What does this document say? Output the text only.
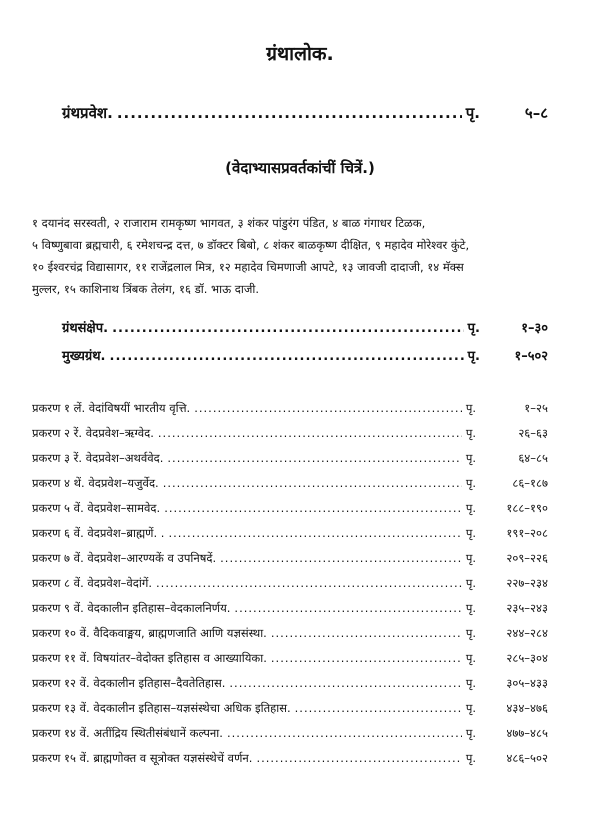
ग्रंथालोक.
ग्रंथप्रवेश. .....	पृ.	५–८
(वेदाभ्यासप्रवर्तकांचीं चित्रें.)

१ दयानंद सरस्वती, २ राजाराम रामकृष्ण भागवत, ३ शंकर पांडुरंग पंडित, ४ बाळ गंगाधर टिळक,

५ विष्णुबावा ब्रह्मचारी, ६ रमेशचन्द्र दत्त, ७ डॉक्टर बिबो, ८ शंकर बाळकृष्ण दीक्षित, ९ महादेव मोरेश्वर कुंटे,

१० ईश्वरचंद्र विद्यासागर, ११ राजेंद्रलाल मित्र, १२ महादेव चिमणाजी आपटे, १३ जावजी दादाजी, १४ मॅक्स

मुल्लर, १५ काशिनाथ त्रिंबक तेलंग, १६ डॉ. भाऊ दाजी.

ग्रंथसंक्षेप. .....	पृ.	१–३०
मुख्यग्रंथ. .....	पृ.	१–५०२
प्रकरण १ लें. वेदांविषयीं भारतीय वृत्ति. .....	पृ.	१–२५
प्रकरण २ रें. वेदप्रवेश–ऋग्वेद. .....	पृ.	२६–६३
प्रकरण ३ रें. वेदप्रवेश–अथर्ववेद. .....	पृ.	६४–८५
प्रकरण ४ थें. वेदप्रवेश–यजुर्वेद. .....	पृ.	८६–१८७
प्रकरण ५ वें. वेदप्रवेश–सामवेद. .....	पृ.	१८८–१९०
प्रकरण ६ वें. वेदप्रवेश–ब्राह्मणें. . .....	पृ.	१९१–२०८
प्रकरण ७ वें. वेदप्रवेश–आरण्यकें व उपनिषदें. .....	पृ.	२०९–२२६
प्रकरण ८ वें. वेदप्रवेश–वेदांगें. .....	पृ.	२२७–२३४
प्रकरण ९ वें. वेदकालीन इतिहास–वेदकालनिर्णय. .....	पृ.	२३५–२४३
प्रकरण १० वें. वैदिकवाङ्मय, ब्राह्मणजाति आणि यज्ञसंस्था. .....	पृ.	२४४–२८४
प्रकरण ११ वें. विषयांतर–वेदोक्त इतिहास व आख्यायिका. .....	पृ.	२८५–३०४
प्रकरण १२ वें. वेदकालीन इतिहास–दैवतेतिहास. .....	पृ.	३०५–४३३
प्रकरण १३ वें. वेदकालीन इतिहास–यज्ञसंस्थेचा अधिक इतिहास. .....	पृ.	४३४–४७६
प्रकरण १४ वें. अतींद्रिय स्थितीसंबंधानें कल्पना. .....	पृ.	४७७–४८५
प्रकरण १५ वें. ब्राह्मणोक्त व सूत्रोक्त यज्ञसंस्थेचें वर्णन. .....	पृ.	४८६–५०२
